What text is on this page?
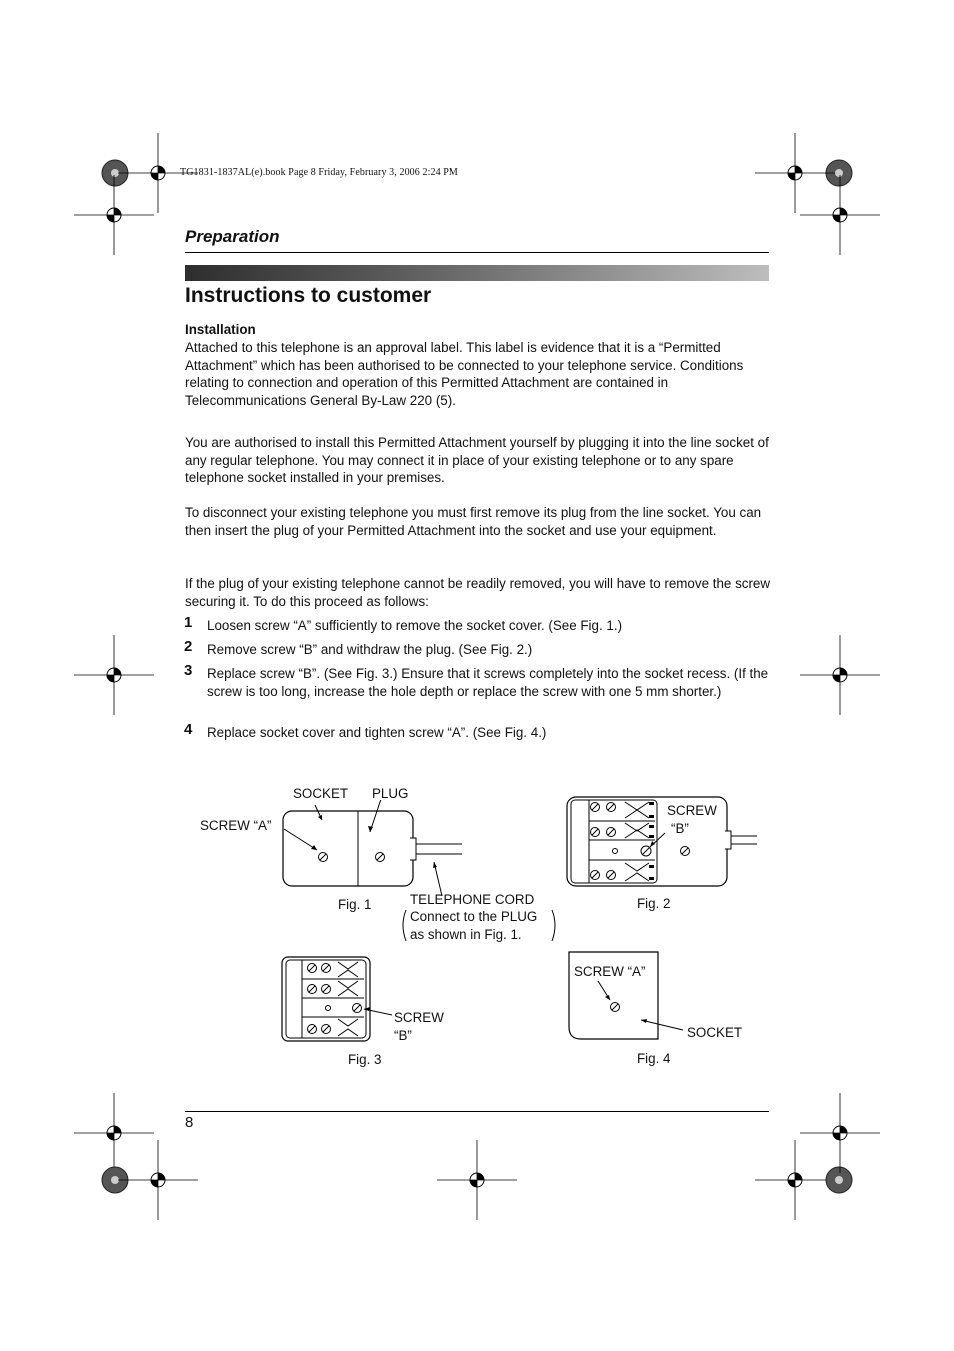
TG1831-1837AL(e).book Page 8 Friday, February 3, 2006 2:24 PM
Preparation
Instructions to customer
Installation
Attached to this telephone is an approval label. This label is evidence that it is a “Permitted Attachment” which has been authorised to be connected to your telephone service. Conditions relating to connection and operation of this Permitted Attachment are contained in Telecommunications General By-Law 220 (5).
You are authorised to install this Permitted Attachment yourself by plugging it into the line socket of any regular telephone. You may connect it in place of your existing telephone or to any spare telephone socket installed in your premises.
To disconnect your existing telephone you must first remove its plug from the line socket. You can then insert the plug of your Permitted Attachment into the socket and use your equipment.
If the plug of your existing telephone cannot be readily removed, you will have to remove the screw securing it. To do this proceed as follows:
1 Loosen screw “A” sufficiently to remove the socket cover. (See Fig. 1.)
2 Remove screw “B” and withdraw the plug. (See Fig. 2.)
3 Replace screw “B”. (See Fig. 3.) Ensure that it screws completely into the socket recess. (If the screw is too long, increase the hole depth or replace the screw with one 5 mm shorter.)
4 Replace socket cover and tighten screw “A”. (See Fig. 4.)
SOCKET PLUG
SCREW “A”
TELEPHONE CORD
Connect to the PLUG
as shown in Fig. 1.
Fig. 1
SCREW
“B”
Fig. 2
SCREW
“B”
Fig. 3
SCREW “A”
SOCKET
Fig. 4
8
